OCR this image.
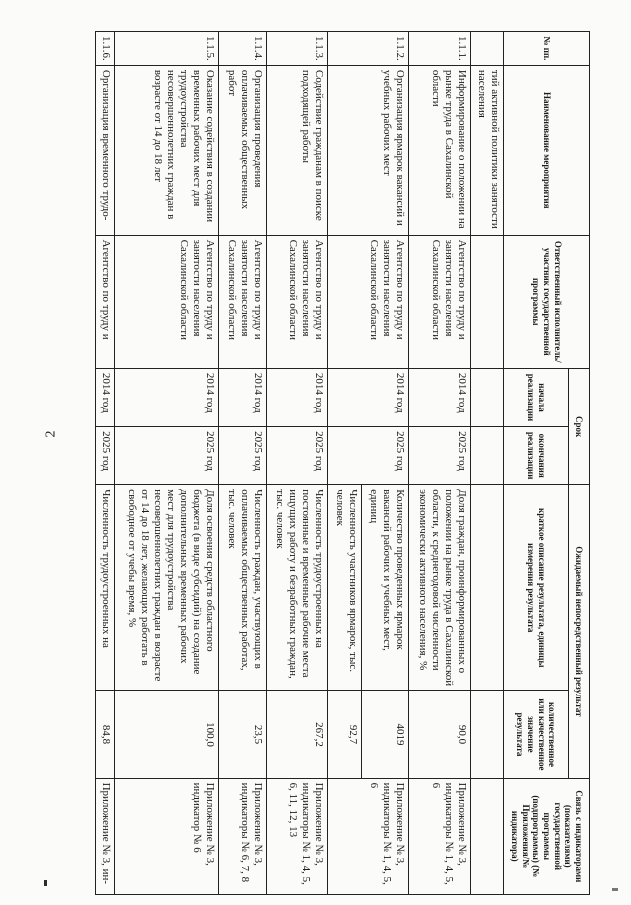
2
№ пп.	Наименование мероприятия	Ответственный исполнитель/участник государственной программы	Срок		Ожидаемый непосредственный результат		Связь с индикаторами (показателями) государственной программы (подпрограммы) (№ Приложения/№ индикатора)
			начала реализации	окончания реализации	краткое описание результата, единицы измерения результата	количественное или качественное значение результата	
	тий активной политики занятости населения						
1.1.1.	Информирование о положении на рынке труда в Сахалинской области	Агентство по труду и занятости населения Сахалинской области	2014 год	2025 год	Доля граждан, проинформированных о положении на рынке труда в Сахалинской области, к среднегодовой численности экономически активного населения, %	90,0	Приложение № 3, индикаторы № 1, 4, 5, 6
1.1.2.	Организация ярмарок вакансий и учебных рабочих мест	Агентство по труду и занятости населения Сахалинской области	2014 год	2025 год	Количество проведенных ярмарок вакансий рабочих и учебных мест, единиц	4019	Приложение № 3, индикаторы № 1, 4, 5, 6
					Численность участников ярмарок, тыс. человек	92,7	
1.1.3.	Содействие гражданам в поиске подходящей работы	Агентство по труду и занятости населения Сахалинской области	2014 год	2025 год	Численность трудоустроенных на постоянные и временные рабочие места ищущих работу и безработных граждан, тыс. человек	267,2	Приложение № 3, индикаторы № 1, 4, 5, 6, 11, 12, 13
1.1.4.	Организация проведения оплачиваемых общественных работ	Агентство по труду и занятости населения Сахалинской области	2014 год	2025 год	Численность граждан, участвующих в оплачиваемых общественных работах, тыс. человек	23,5	Приложение № 3, индикаторы № 6, 7, 8
1.1.5.	Оказание содействия в создании временных рабочих мест для трудоустройства несовершеннолетних граждан в возрасте от 14 до 18 лет	Агентство по труду и занятости населения Сахалинской области	2014 год	2025 год	Доля освоения средств областного бюджета (в виде субсидий) на создание дополнительных временных рабочих мест для трудоустройства несовершеннолетних граждан в возрасте от 14 до 18 лет, желающих работать в свободное от учебы время, %	100,0	Приложение № 3, индикатор № 6
1.1.6.	Организация временного трудо-	Агентство по труду и	2014 год	2025 год	Численность трудоустроенных на	84,8	Приложение № 3, ин-
